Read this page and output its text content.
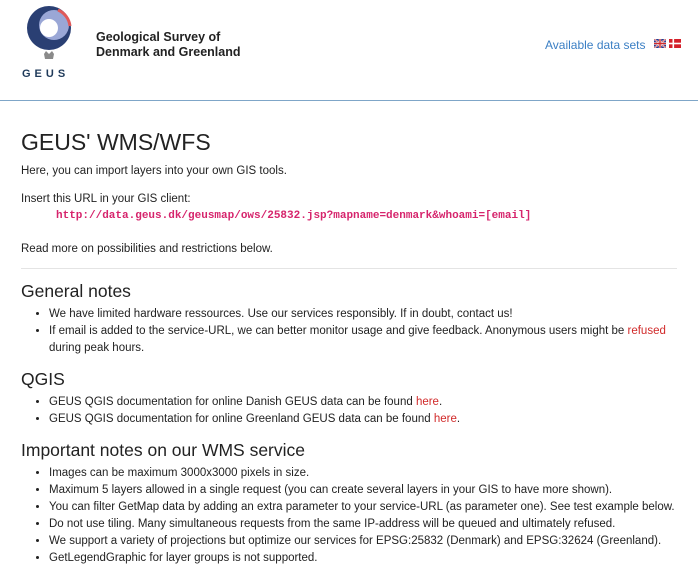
GEUS
Geological Survey of
Denmark and Greenland	Available data sets
GEUS' WMS/WFS

Here, you can import layers into your own GIS tools.

Insert this URL in your GIS client:

http://data.geus.dk/geusmap/ows/25832.jsp?mapname=denmark&whoami=[email]

Read more on possibilities and restrictions below.

General notes
• We have limited hardware ressources. Use our services responsibly. If in doubt, contact us!
• If email is added to the service-URL, we can better monitor usage and give feedback. Anonymous users might be refused during peak hours.
QGIS
• GEUS QGIS documentation for online Danish GEUS data can be found here.
• GEUS QGIS documentation for online Greenland GEUS data can be found here.
Important notes on our WMS service
• Images can be maximum 3000x3000 pixels in size.
• Maximum 5 layers allowed in a single request (you can create several layers in your GIS to have more shown).
• You can filter GetMap data by adding an extra parameter to your service-URL (as parameter one). See test example below.
• Do not use tiling. Many simultaneous requests from the same IP-address will be queued and ultimately refused.
• We support a variety of projections but optimize our services for EPSG:25832 (Denmark) and EPSG:32624 (Greenland).
• GetLegendGraphic for layer groups is not supported.
